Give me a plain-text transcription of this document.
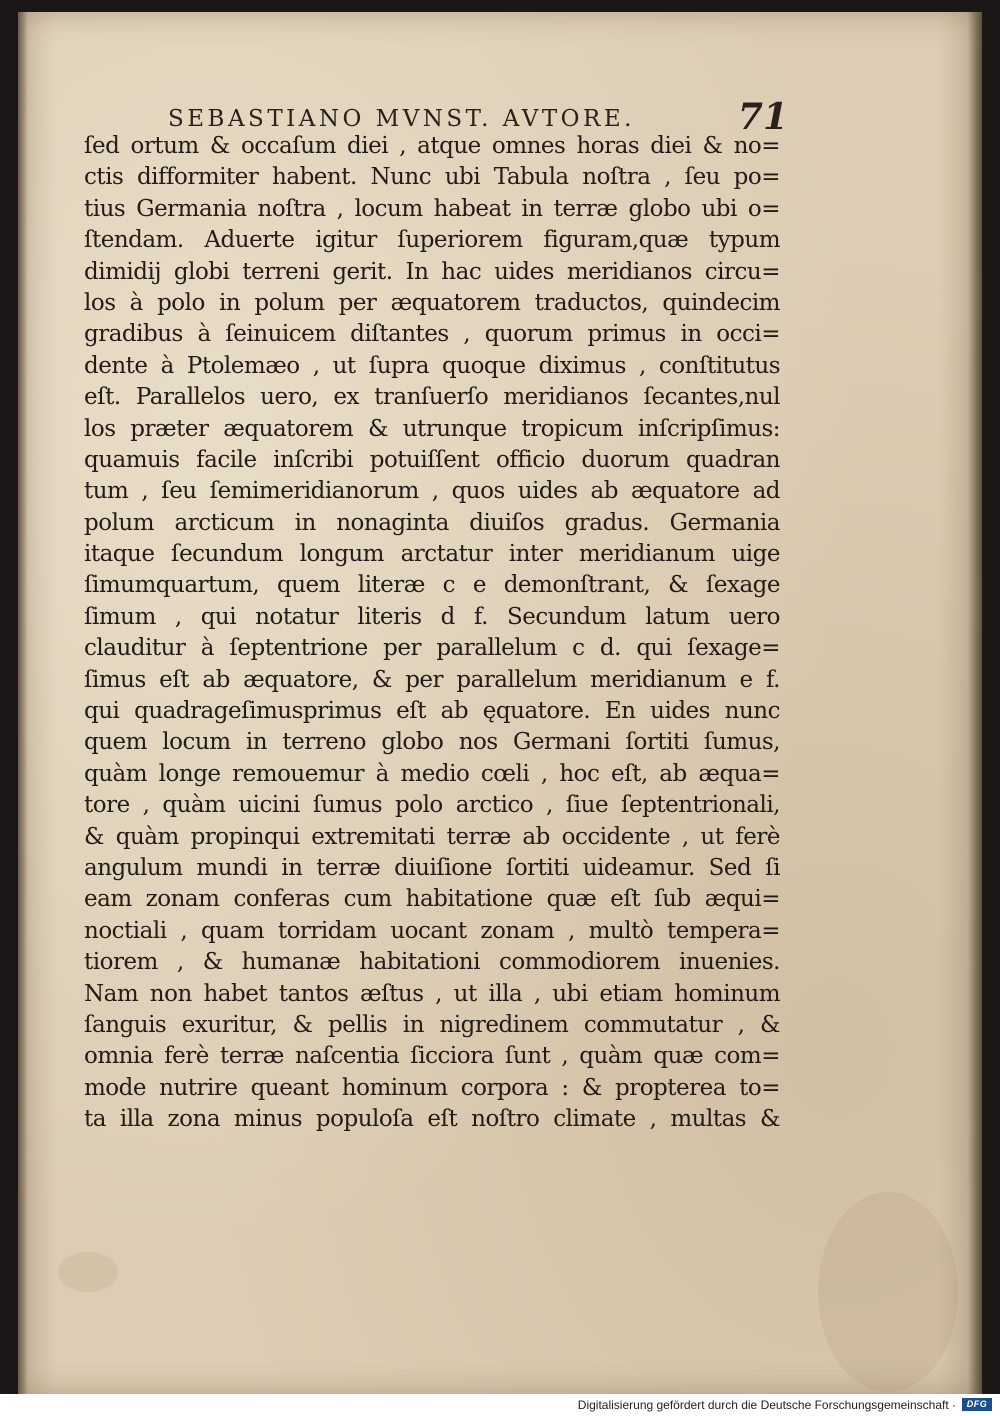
SEBASTIANO MVNST. AVTORE.	71
ſed ortum & occaſum diei , atque omnes horas diei & no=
ctis difformiter habent. Nunc ubi Tabula noſtra , ſeu po=
tius Germania noſtra , locum habeat in terræ globo ubi o=
ſtendam. Aduerte igitur ſuperiorem figuram,quæ typum
dimidij globi terreni gerit. In hac uides meridianos circu=
los à polo in polum per æquatorem traductos, quindecim
gradibus à ſeinuicem diſtantes , quorum primus in occi=
dente à Ptolemæo , ut ſupra quoque diximus , conſtitutus
eſt. Parallelos uero, ex tranſuerſo meridianos ſecantes,nul
los præter æquatorem & utrunque tropicum inſcripſimus:
quamuis facile inſcribi potuiſſent officio duorum quadran
tum , ſeu ſemimeridianorum , quos uides ab æquatore ad
polum arcticum in nonaginta diuiſos gradus. Germania
itaque ſecundum longum arctatur inter meridianum uige
ſimumquartum, quem literæ c e demonſtrant, & ſexage
ſimum , qui notatur literis d f. Secundum latum uero
clauditur à ſeptentrione per parallelum c d. qui ſexage=
ſimus eſt ab æquatore, & per parallelum meridianum e f.
qui quadrageſimusprimus eſt ab ęquatore. En uides nunc
quem locum in terreno globo nos Germani ſortiti ſumus,
quàm longe remouemur à medio cœli , hoc eſt, ab æqua=
tore , quàm uicini ſumus polo arctico , ſiue ſeptentrionali,
& quàm propinqui extremitati terræ ab occidente , ut ferè
angulum mundi in terræ diuiſione ſortiti uideamur. Sed ſi
eam zonam conferas cum habitatione quæ eſt ſub æqui=
noctiali , quam torridam uocant zonam , multò tempera=
tiorem , & humanæ habitationi commodiorem inuenies.
Nam non habet tantos æſtus , ut illa , ubi etiam hominum
ſanguis exuritur, & pellis in nigredinem commutatur , &
omnia ferè terræ naſcentia ſicciora ſunt , quàm quæ com=
mode nutrire queant hominum corpora : & propterea to=
ta illa zona minus populoſa eſt noſtro climate , multas &
Digitalisierung gefördert durch die Deutsche Forschungsgemeinschaft ·	DFG
